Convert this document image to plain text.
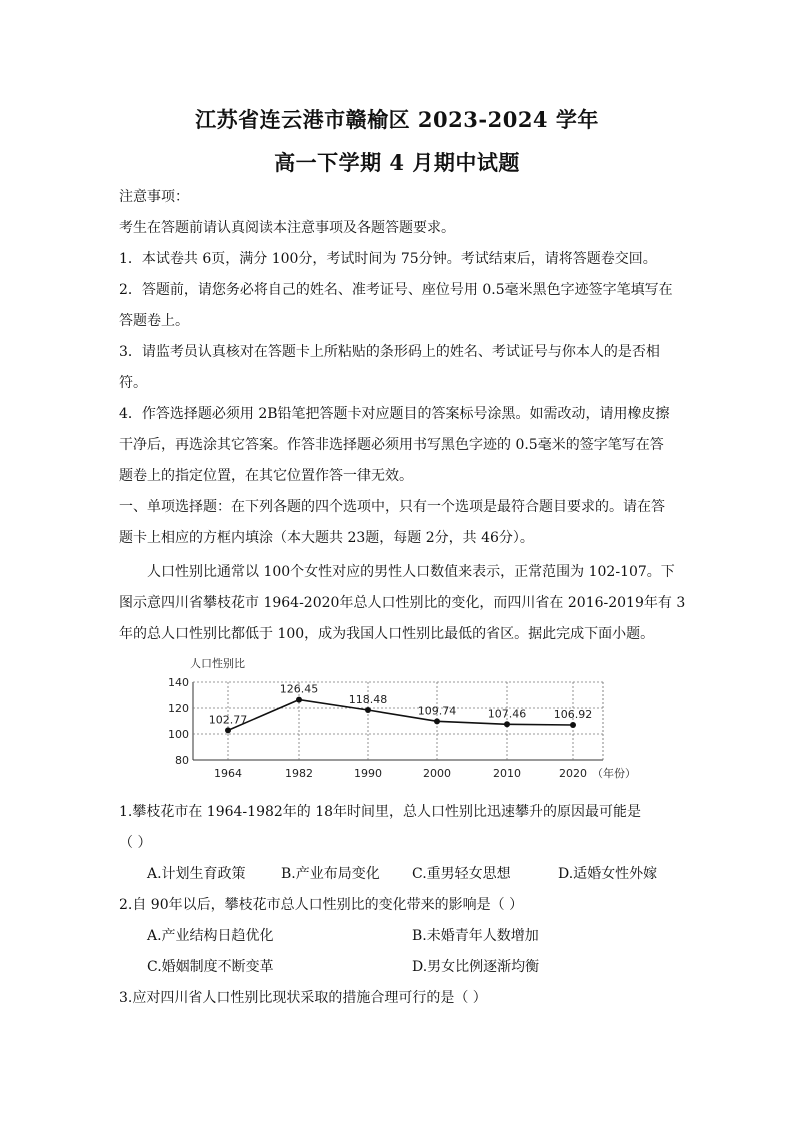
江苏省连云港市赣榆区 2023-2024 学年
高一下学期 4 月期中试题
注意事项：
考生在答题前请认真阅读本注意事项及各题答题要求。
1．本试卷共 6页，满分 100分，考试时间为 75分钟。考试结束后，请将答题卷交回。
2．答题前，请您务必将自己的姓名、准考证号、座位号用 0.5毫米黑色字迹签字笔填写在
答题卷上。
3．请监考员认真核对在答题卡上所粘贴的条形码上的姓名、考试证号与你本人的是否相
符。
4．作答选择题必须用 2B铅笔把答题卡对应题目的答案标号涂黑。如需改动，请用橡皮擦
干净后，再选涂其它答案。作答非选择题必须用书写黑色字迹的 0.5毫米的签字笔写在答
题卷上的指定位置，在其它位置作答一律无效。
一、单项选择题：在下列各题的四个选项中，只有一个选项是最符合题目要求的。请在答
题卡上相应的方框内填涂（本大题共 23题，每题 2分，共 46分）。
人口性别比通常以 100个女性对应的男性人口数值来表示，正常范围为 102-107。下
图示意四川省攀枝花市 1964-2020年总人口性别比的变化，而四川省在 2016-2019年有 3
年的总人口性别比都低于 100，成为我国人口性别比最低的省区。据此完成下面小题。
人口性别比
140
120
100
80
1964	1982	1990	2000	2010	2020
102.77
126.45
118.48
109.74	107.46	106.92
（年份）
1.攀枝花市在 1964-1982年的 18年时间里，总人口性别比迅速攀升的原因最可能是
（ ）
A.计划生育政策	B.产业布局变化 C.重男轻女思想	D.适婚女性外嫁
2.自 90年以后，攀枝花市总人口性别比的变化带来的影响是（ ）
A.产业结构日趋优化	B.未婚青年人数增加
C.婚姻制度不断变革	D.男女比例逐渐均衡
3.应对四川省人口性别比现状采取的措施合理可行的是（ ）
